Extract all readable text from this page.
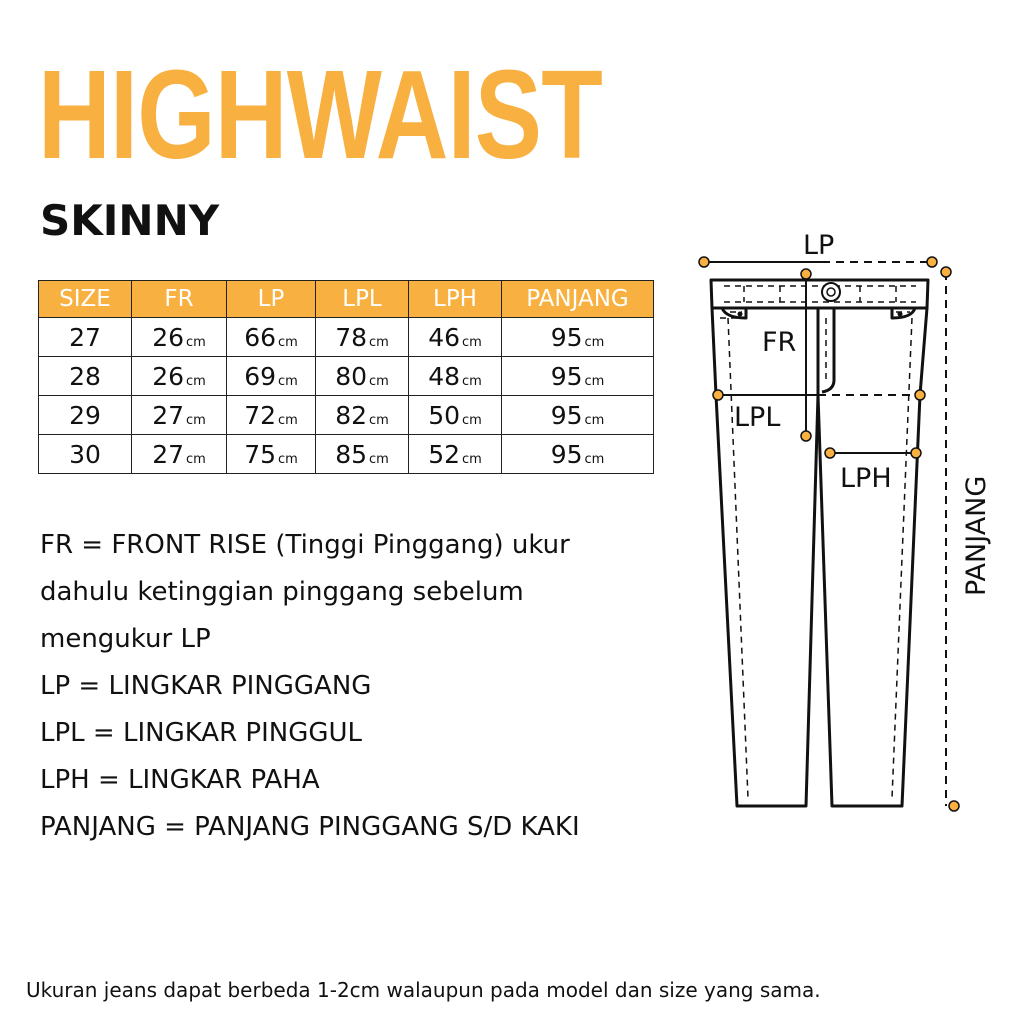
HIGHWAIST
SKINNY
SIZE	FR	LP	LPL	LPH	PANJANG
27	26 cm	66 cm	78 cm	46 cm	95 cm
28	26 cm	69 cm	80 cm	48 cm	95 cm
29	27 cm	72 cm	82 cm	50 cm	95 cm
30	27 cm	75 cm	85 cm	52 cm	95 cm

FR = FRONT RISE (Tinggi Pinggang) ukur

dahulu ketinggian pinggang sebelum

mengukur LP

LP = LINGKAR PINGGANG

LPL = LINGKAR PINGGUL

LPH = LINGKAR PAHA

PANJANG = PANJANG PINGGANG S/D KAKI

LP
FR
LPL
LPH	PANJANG
Ukuran jeans dapat berbeda 1-2cm walaupun pada model dan size yang sama.
